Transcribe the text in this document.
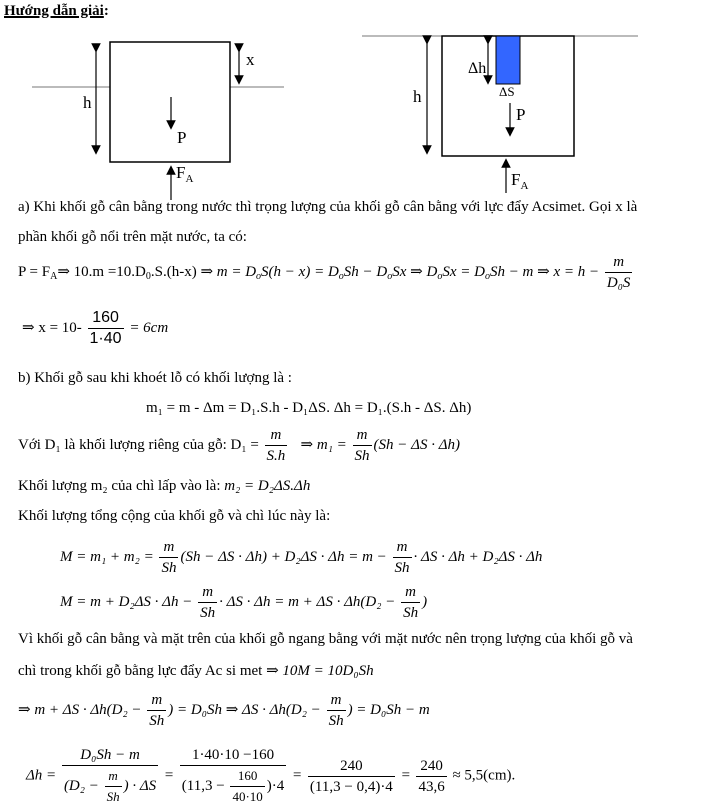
Hướng dẫn giải:
h
x
P
$F_A$
h
Δh
ΔS
P
$F_A$
a) Khi khối gỗ cân bằng trong nước thì trọng lượng của khối gỗ cân bằng với lực đẩy Acsimet. Gọi x là
phần khối gỗ nổi trên mặt nước, ta có:
$P = F_A\Rightarrow$ $10.m =10.D_0.S.(h-x)$ ⇒ $m = D_oS(h - x) = D_oSh - D_oSx$ ⇒ $D_oSx = D_oSh - m$ ⇒ $x = h - \frac{m}{\text{D₀S}}$
⇒ $x = 10- \frac{160}{1\cdot 40} = 6cm$
b) Khối gỗ sau khi khoét lỗ có khối lượng là :
m₁ = m - Δm = D₁.S.h - D₁ΔS. Δh = D₁.(S.h - ΔS. Δh)
Với D₁ là khối lượng riêng của gỗ: $D_1 = \frac{m}{S.h}$ ⇒ $m_1 = \frac{m}{Sh} (Sh - \Delta S \cdot \Delta h)$
Khối lượng m₂ của chì lấp vào là: m₂ = D₂ΔS.Δh
Khối lượng tổng cộng của khối gỗ và chì lúc này là:
$M = m_1 + m_2 = \frac{m}{Sh} (Sh - \Delta S \cdot \Delta h) + D_2\Delta S \cdot \Delta h = m - \frac{m}{Sh} \cdot \Delta S \cdot \Delta h + D_2\Delta S \cdot \Delta h$
$M = m + D_2\Delta S \cdot \Delta h - \frac{m}{Sh} \cdot \Delta S \cdot \Delta h = m + \Delta S \cdot \Delta h(D_2 - \frac{m}{Sh}$ )
Vì khối gỗ cân bằng và mặt trên của khối gỗ ngang bằng với mặt nước nên trọng lượng của khối gỗ và
chì trong khối gỗ bằng lực đẩy Ac si met ⇒ 10M = 10D₀Sh
⇒ $m + \Delta S \cdot \Delta h(D_2 - \frac{m}{Sh}$ ) = D₀Sh ⇒ $\Delta S \cdot \Delta h(D_2 - \frac{m}{Sh}$ ) = D₀Sh − m
$\Delta h = \frac{\text{D₀Sh − m}}{(D_2 - \frac{m}{Sh} ) \cdot \Delta S} = \frac{1\cdot 40\cdot 10 -160}{(11,3 - \frac{160}{40\cdot 10} )\cdot 4} = \frac{240}{(11,3 - 0,4)\cdot 4} = \frac{240}{43,6} \approx 5,5(cm)$.
